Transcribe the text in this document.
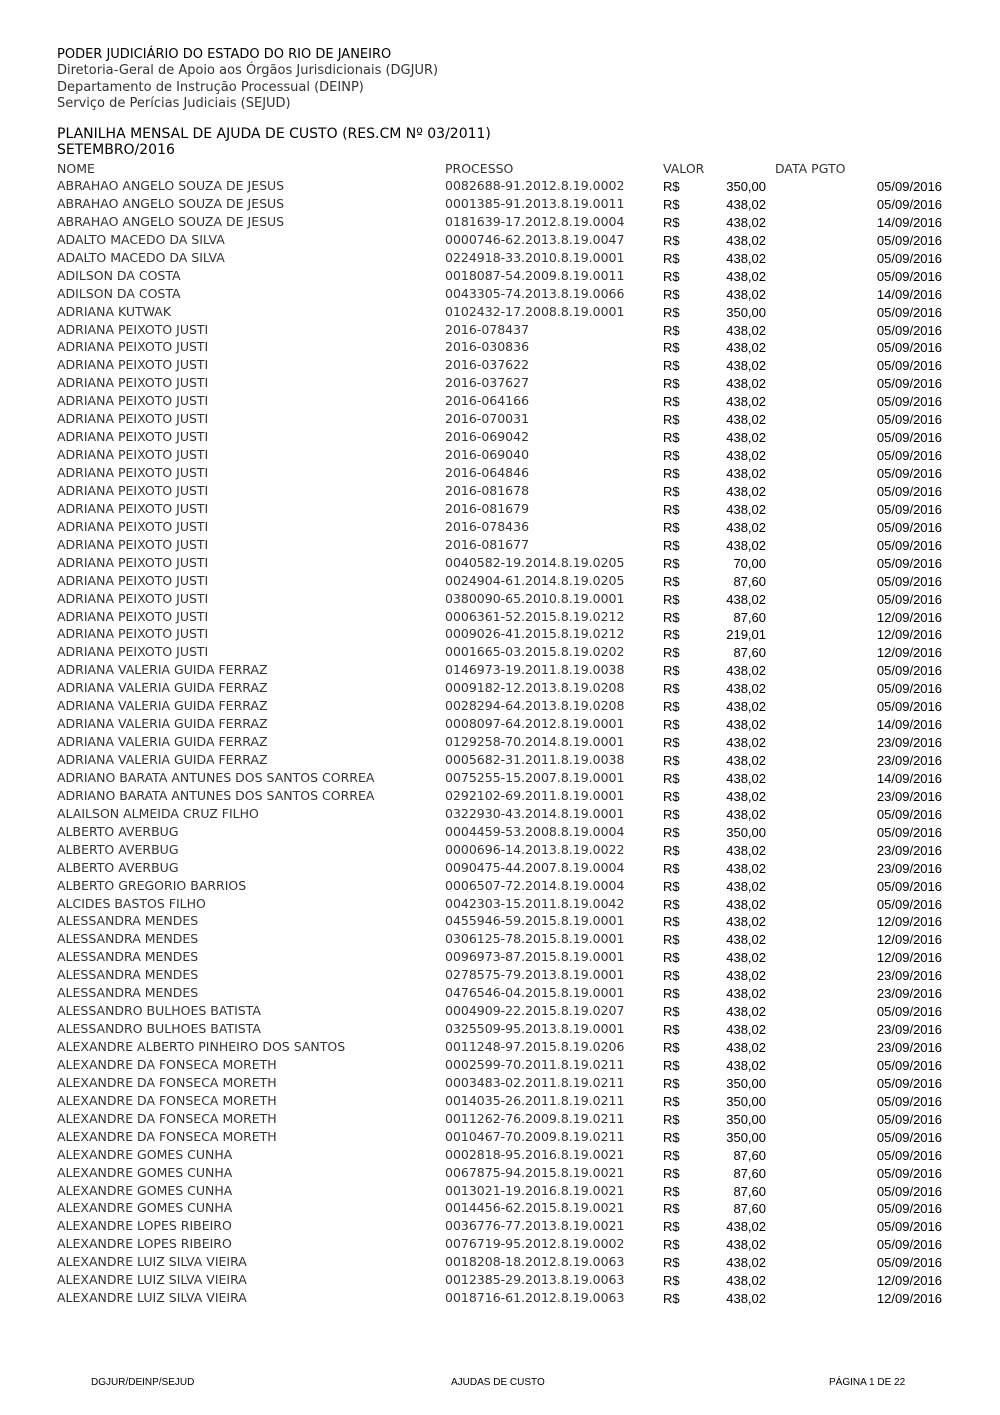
PODER JUDICIÁRIO DO ESTADO DO RIO DE JANEIRO
Diretoria-Geral de Apoio aos Órgãos Jurisdicionais (DGJUR)
Departamento de Instrução Processual (DEINP)
Serviço de Perícias Judiciais (SEJUD)
PLANILHA MENSAL DE AJUDA DE CUSTO (RES.CM Nº 03/2011)
SETEMBRO/2016
NOME	PROCESSO	VALOR	DATA PGTO
ABRAHAO ANGELO SOUZA DE JESUS	0082688-91.2012.8.19.0002	R$	350,00	05/09/2016
ABRAHAO ANGELO SOUZA DE JESUS	0001385-91.2013.8.19.0011	R$	438,02	05/09/2016
ABRAHAO ANGELO SOUZA DE JESUS	0181639-17.2012.8.19.0004	R$	438,02	14/09/2016
ADALTO MACEDO DA SILVA	0000746-62.2013.8.19.0047	R$	438,02	05/09/2016
ADALTO MACEDO DA SILVA	0224918-33.2010.8.19.0001	R$	438,02	05/09/2016
ADILSON DA COSTA	0018087-54.2009.8.19.0011	R$	438,02	05/09/2016
ADILSON DA COSTA	0043305-74.2013.8.19.0066	R$	438,02	14/09/2016
ADRIANA KUTWAK	0102432-17.2008.8.19.0001	R$	350,00	05/09/2016
ADRIANA PEIXOTO JUSTI	2016-078437	R$	438,02	05/09/2016
ADRIANA PEIXOTO JUSTI	2016-030836	R$	438,02	05/09/2016
ADRIANA PEIXOTO JUSTI	2016-037622	R$	438,02	05/09/2016
ADRIANA PEIXOTO JUSTI	2016-037627	R$	438,02	05/09/2016
ADRIANA PEIXOTO JUSTI	2016-064166	R$	438,02	05/09/2016
ADRIANA PEIXOTO JUSTI	2016-070031	R$	438,02	05/09/2016
ADRIANA PEIXOTO JUSTI	2016-069042	R$	438,02	05/09/2016
ADRIANA PEIXOTO JUSTI	2016-069040	R$	438,02	05/09/2016
ADRIANA PEIXOTO JUSTI	2016-064846	R$	438,02	05/09/2016
ADRIANA PEIXOTO JUSTI	2016-081678	R$	438,02	05/09/2016
ADRIANA PEIXOTO JUSTI	2016-081679	R$	438,02	05/09/2016
ADRIANA PEIXOTO JUSTI	2016-078436	R$	438,02	05/09/2016
ADRIANA PEIXOTO JUSTI	2016-081677	R$	438,02	05/09/2016
ADRIANA PEIXOTO JUSTI	0040582-19.2014.8.19.0205	R$	70,00	05/09/2016
ADRIANA PEIXOTO JUSTI	0024904-61.2014.8.19.0205	R$	87,60	05/09/2016
ADRIANA PEIXOTO JUSTI	0380090-65.2010.8.19.0001	R$	438,02	05/09/2016
ADRIANA PEIXOTO JUSTI	0006361-52.2015.8.19.0212	R$	87,60	12/09/2016
ADRIANA PEIXOTO JUSTI	0009026-41.2015.8.19.0212	R$	219,01	12/09/2016
ADRIANA PEIXOTO JUSTI	0001665-03.2015.8.19.0202	R$	87,60	12/09/2016
ADRIANA VALERIA GUIDA FERRAZ	0146973-19.2011.8.19.0038	R$	438,02	05/09/2016
ADRIANA VALERIA GUIDA FERRAZ	0009182-12.2013.8.19.0208	R$	438,02	05/09/2016
ADRIANA VALERIA GUIDA FERRAZ	0028294-64.2013.8.19.0208	R$	438,02	05/09/2016
ADRIANA VALERIA GUIDA FERRAZ	0008097-64.2012.8.19.0001	R$	438,02	14/09/2016
ADRIANA VALERIA GUIDA FERRAZ	0129258-70.2014.8.19.0001	R$	438,02	23/09/2016
ADRIANA VALERIA GUIDA FERRAZ	0005682-31.2011.8.19.0038	R$	438,02	23/09/2016
ADRIANO BARATA ANTUNES DOS SANTOS CORREA	0075255-15.2007.8.19.0001	R$	438,02	14/09/2016
ADRIANO BARATA ANTUNES DOS SANTOS CORREA	0292102-69.2011.8.19.0001	R$	438,02	23/09/2016
ALAILSON ALMEIDA CRUZ FILHO	0322930-43.2014.8.19.0001	R$	438,02	05/09/2016
ALBERTO AVERBUG	0004459-53.2008.8.19.0004	R$	350,00	05/09/2016
ALBERTO AVERBUG	0000696-14.2013.8.19.0022	R$	438,02	23/09/2016
ALBERTO AVERBUG	0090475-44.2007.8.19.0004	R$	438,02	23/09/2016
ALBERTO GREGORIO BARRIOS	0006507-72.2014.8.19.0004	R$	438,02	05/09/2016
ALCIDES BASTOS FILHO	0042303-15.2011.8.19.0042	R$	438,02	05/09/2016
ALESSANDRA MENDES	0455946-59.2015.8.19.0001	R$	438,02	12/09/2016
ALESSANDRA MENDES	0306125-78.2015.8.19.0001	R$	438,02	12/09/2016
ALESSANDRA MENDES	0096973-87.2015.8.19.0001	R$	438,02	12/09/2016
ALESSANDRA MENDES	0278575-79.2013.8.19.0001	R$	438,02	23/09/2016
ALESSANDRA MENDES	0476546-04.2015.8.19.0001	R$	438,02	23/09/2016
ALESSANDRO BULHOES BATISTA	0004909-22.2015.8.19.0207	R$	438,02	05/09/2016
ALESSANDRO BULHOES BATISTA	0325509-95.2013.8.19.0001	R$	438,02	23/09/2016
ALEXANDRE ALBERTO PINHEIRO DOS SANTOS	0011248-97.2015.8.19.0206	R$	438,02	23/09/2016
ALEXANDRE DA FONSECA MORETH	0002599-70.2011.8.19.0211	R$	438,02	05/09/2016
ALEXANDRE DA FONSECA MORETH	0003483-02.2011.8.19.0211	R$	350,00	05/09/2016
ALEXANDRE DA FONSECA MORETH	0014035-26.2011.8.19.0211	R$	350,00	05/09/2016
ALEXANDRE DA FONSECA MORETH	0011262-76.2009.8.19.0211	R$	350,00	05/09/2016
ALEXANDRE DA FONSECA MORETH	0010467-70.2009.8.19.0211	R$	350,00	05/09/2016
ALEXANDRE GOMES CUNHA	0002818-95.2016.8.19.0021	R$	87,60	05/09/2016
ALEXANDRE GOMES CUNHA	0067875-94.2015.8.19.0021	R$	87,60	05/09/2016
ALEXANDRE GOMES CUNHA	0013021-19.2016.8.19.0021	R$	87,60	05/09/2016
ALEXANDRE GOMES CUNHA	0014456-62.2015.8.19.0021	R$	87,60	05/09/2016
ALEXANDRE LOPES RIBEIRO	0036776-77.2013.8.19.0021	R$	438,02	05/09/2016
ALEXANDRE LOPES RIBEIRO	0076719-95.2012.8.19.0002	R$	438,02	05/09/2016
ALEXANDRE LUIZ SILVA VIEIRA	0018208-18.2012.8.19.0063	R$	438,02	05/09/2016
ALEXANDRE LUIZ SILVA VIEIRA	0012385-29.2013.8.19.0063	R$	438,02	12/09/2016
ALEXANDRE LUIZ SILVA VIEIRA	0018716-61.2012.8.19.0063	R$	438,02	12/09/2016
DGJUR/DEINP/SEJUD	AJUDAS DE CUSTO	PÁGINA 1 DE 22
